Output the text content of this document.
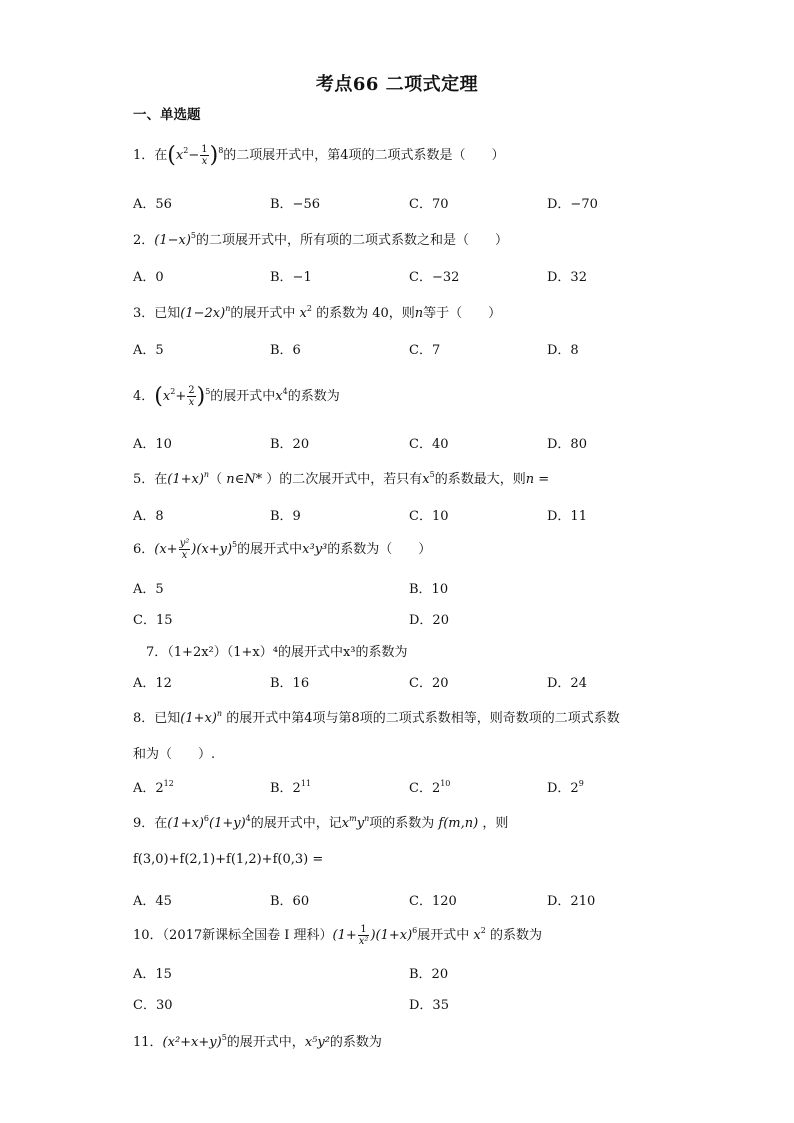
考点66 二项式定理
一、单选题
1．在$(x^2- \frac{1}{x} )^8$的二项展开式中，第4项的二项式系数是（　　）
A．56	B．−56	C．70	D．−70
2．$(1-x)^5$的二项展开式中，所有项的二项式系数之和是（　　）
A．0	B．−1	C．−32	D．32
3．已知$(1-2x)^n$的展开式中 $x^2$ 的系数为 40，则n等于（　　）
A．5	B．6	C．7	D．8
4．$(x^2+ \frac{2}{x} )^5$的展开式中$x^4$的系数为
A．10	B．20	C．40	D．80
5．在$(1+x)^n$（ n∈N* ）的二次展开式中，若只有$x^5$的系数最大，则n =
A．8	B．9	C．10	D．11
6．$(x+ \frac{\text{y²}}{x} )(x+y)^5$的展开式中x³y³的系数为（　　）
A．5	B．10
C．15	D．20
7．（1+2x²）（1+x）⁴的展开式中x³的系数为
A．12	B．16	C．20	D．24
8．已知$(1+x)^n$ 的展开式中第4项与第8项的二项式系数相等，则奇数项的二项式系数
和为（　　）.
A．$2^{12}$	B．$2^{11}$	C．$2^{10}$	D．$2^9$
9．在$(1+x)^6(1+y)^4$的展开式中，记$x^my^n$项的系数为 f(m,n) ，则
f(3,0)+f(2,1)+f(1,2)+f(0,3) =
A．45	B．60	C．120	D．210
10．（2017新课标全国卷 I 理科）$(1+ \frac{1}{\text{x²}} )(1+x)^6$展开式中 $x^2$ 的系数为
A．15	B．20
C．30	D．35
11．$(x^2+x+y)^5$的展开式中，x⁵y²的系数为
